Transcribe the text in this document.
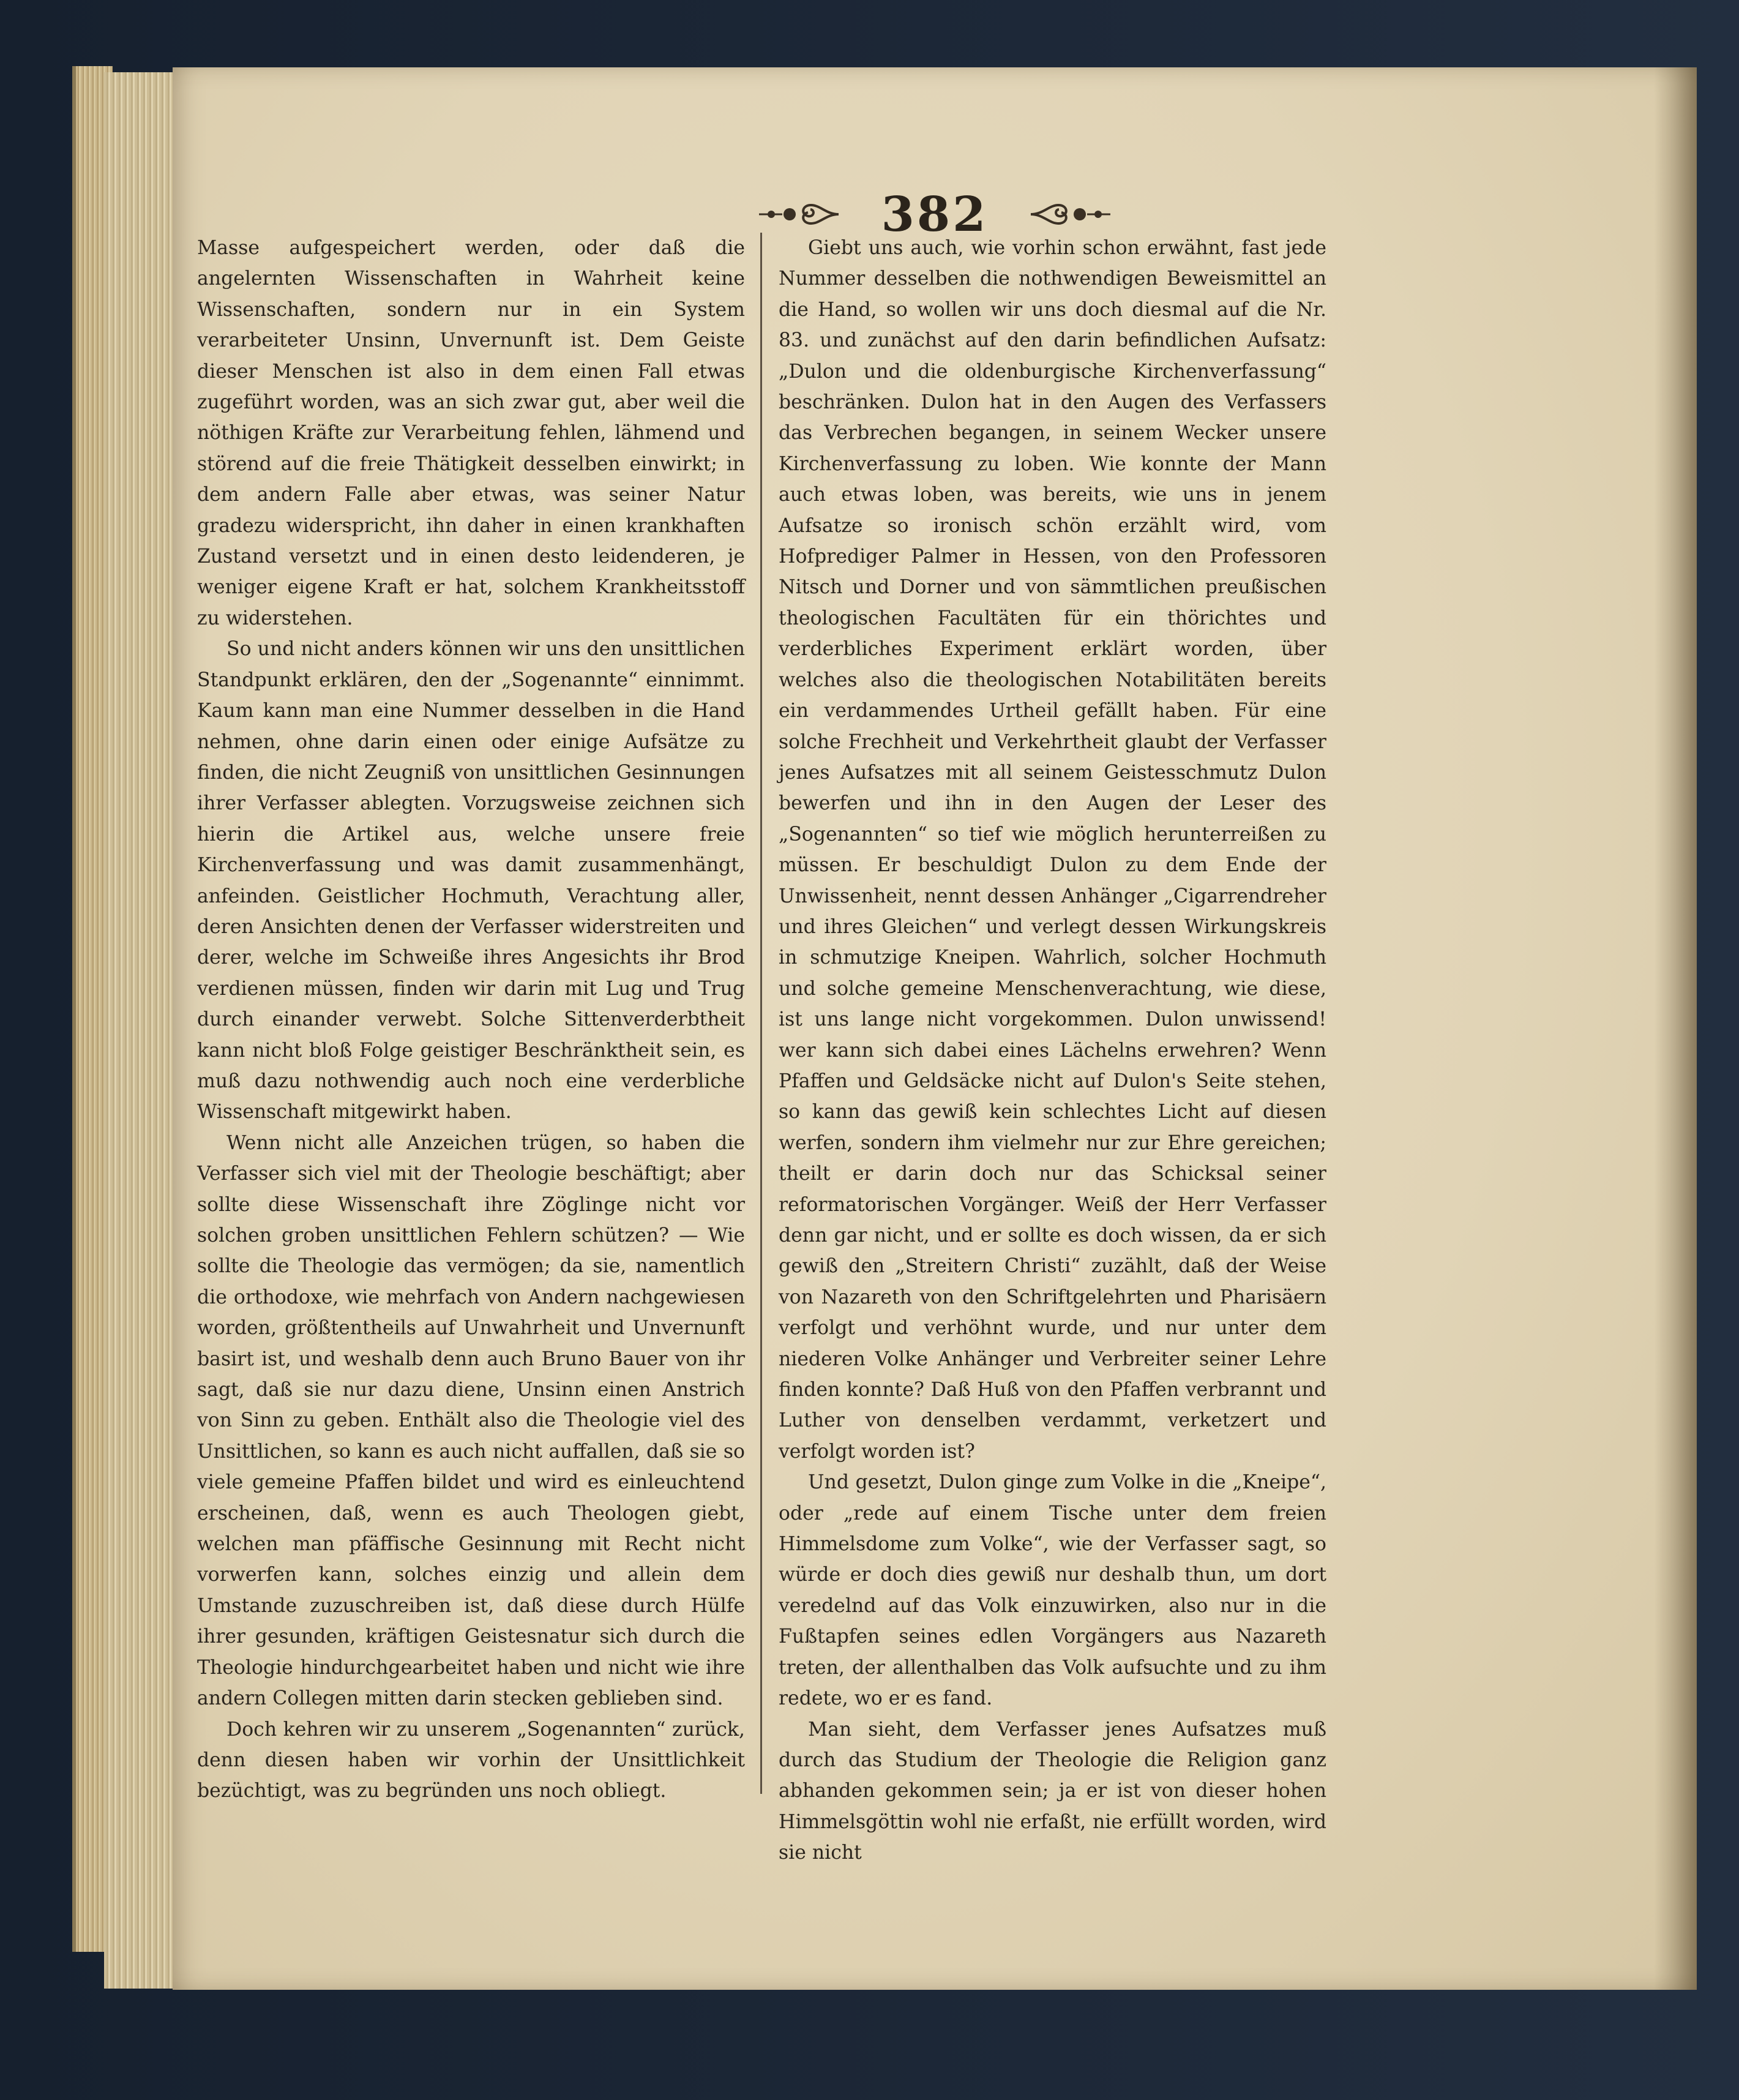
382

Masse aufgespeichert werden, oder daß die angelernten Wissenschaften in Wahrheit keine Wissenschaften, sondern nur in ein System verarbeiteter Unsinn, Unvernunft ist. Dem Geiste dieser Menschen ist also in dem einen Fall etwas zugeführt worden, was an sich zwar gut, aber weil die nöthigen Kräfte zur Verarbeitung fehlen, lähmend und störend auf die freie Thätigkeit desselben einwirkt; in dem andern Falle aber etwas, was seiner Natur gradezu widerspricht, ihn daher in einen krankhaften Zustand versetzt und in einen desto leidenderen, je weniger eigene Kraft er hat, solchem Krankheitsstoff zu widerstehen.

So und nicht anders können wir uns den unsittlichen Standpunkt erklären, den der „Sogenannte“ einnimmt. Kaum kann man eine Nummer desselben in die Hand nehmen, ohne darin einen oder einige Aufsätze zu finden, die nicht Zeugniß von unsittlichen Gesinnungen ihrer Verfasser ablegten. Vorzugsweise zeichnen sich hierin die Artikel aus, welche unsere freie Kirchenverfassung und was damit zusammenhängt, anfeinden. Geistlicher Hochmuth, Verachtung aller, deren Ansichten denen der Verfasser widerstreiten und derer, welche im Schweiße ihres Angesichts ihr Brod verdienen müssen, finden wir darin mit Lug und Trug durch einander verwebt. Solche Sittenverderbtheit kann nicht bloß Folge geistiger Beschränktheit sein, es muß dazu nothwendig auch noch eine verderbliche Wissenschaft mitgewirkt haben.

Wenn nicht alle Anzeichen trügen, so haben die Verfasser sich viel mit der Theologie beschäftigt; aber sollte diese Wissenschaft ihre Zöglinge nicht vor solchen groben unsittlichen Fehlern schützen? — Wie sollte die Theologie das vermögen; da sie, namentlich die orthodoxe, wie mehrfach von Andern nachgewiesen worden, größtentheils auf Unwahrheit und Unvernunft basirt ist, und weshalb denn auch Bruno Bauer von ihr sagt, daß sie nur dazu diene, Unsinn einen Anstrich von Sinn zu geben. Enthält also die Theologie viel des Unsittlichen, so kann es auch nicht auffallen, daß sie so viele gemeine Pfaffen bildet und wird es einleuchtend erscheinen, daß, wenn es auch Theologen giebt, welchen man pfäffische Gesinnung mit Recht nicht vorwerfen kann, solches einzig und allein dem Umstande zuzuschreiben ist, daß diese durch Hülfe ihrer gesunden, kräftigen Geistesnatur sich durch die Theologie hindurchgearbeitet haben und nicht wie ihre andern Collegen mitten darin stecken geblieben sind.

Doch kehren wir zu unserem „Sogenannten“ zurück, denn diesen haben wir vorhin der Unsittlichkeit bezüchtigt, was zu begründen uns noch obliegt.

Giebt uns auch, wie vorhin schon erwähnt, fast jede Nummer desselben die nothwendigen Beweismittel an die Hand, so wollen wir uns doch diesmal auf die Nr. 83. und zunächst auf den darin befindlichen Aufsatz: „Dulon und die oldenburgische Kirchenverfassung“ beschränken. Dulon hat in den Augen des Verfassers das Verbrechen begangen, in seinem Wecker unsere Kirchenverfassung zu loben. Wie konnte der Mann auch etwas loben, was bereits, wie uns in jenem Aufsatze so ironisch schön erzählt wird, vom Hofprediger Palmer in Hessen, von den Professoren Nitsch und Dorner und von sämmtlichen preußischen theologischen Facultäten für ein thörichtes und verderbliches Experiment erklärt worden, über welches also die theologischen Notabilitäten bereits ein verdammendes Urtheil gefällt haben. Für eine solche Frechheit und Verkehrtheit glaubt der Verfasser jenes Aufsatzes mit all seinem Geistesschmutz Dulon bewerfen und ihn in den Augen der Leser des „Sogenannten“ so tief wie möglich herunterreißen zu müssen. Er beschuldigt Dulon zu dem Ende der Unwissenheit, nennt dessen Anhänger „Cigarrendreher und ihres Gleichen“ und verlegt dessen Wirkungskreis in schmutzige Kneipen. Wahrlich, solcher Hochmuth und solche gemeine Menschenverachtung, wie diese, ist uns lange nicht vorgekommen. Dulon unwissend! wer kann sich dabei eines Lächelns erwehren? Wenn Pfaffen und Geldsäcke nicht auf Dulon's Seite stehen, so kann das gewiß kein schlechtes Licht auf diesen werfen, sondern ihm vielmehr nur zur Ehre gereichen; theilt er darin doch nur das Schicksal seiner reformatorischen Vorgänger. Weiß der Herr Verfasser denn gar nicht, und er sollte es doch wissen, da er sich gewiß den „Streitern Christi“ zuzählt, daß der Weise von Nazareth von den Schriftgelehrten und Pharisäern verfolgt und verhöhnt wurde, und nur unter dem niederen Volke Anhänger und Verbreiter seiner Lehre finden konnte? Daß Huß von den Pfaffen verbrannt und Luther von denselben verdammt, verketzert und verfolgt worden ist?

Und gesetzt, Dulon ginge zum Volke in die „Kneipe“, oder „rede auf einem Tische unter dem freien Himmelsdome zum Volke“, wie der Verfasser sagt, so würde er doch dies gewiß nur deshalb thun, um dort veredelnd auf das Volk einzuwirken, also nur in die Fußtapfen seines edlen Vorgängers aus Nazareth treten, der allenthalben das Volk aufsuchte und zu ihm redete, wo er es fand.

Man sieht, dem Verfasser jenes Aufsatzes muß durch das Studium der Theologie die Religion ganz abhanden gekommen sein; ja er ist von dieser hohen Himmelsgöttin wohl nie erfaßt, nie erfüllt worden, wird sie nicht
